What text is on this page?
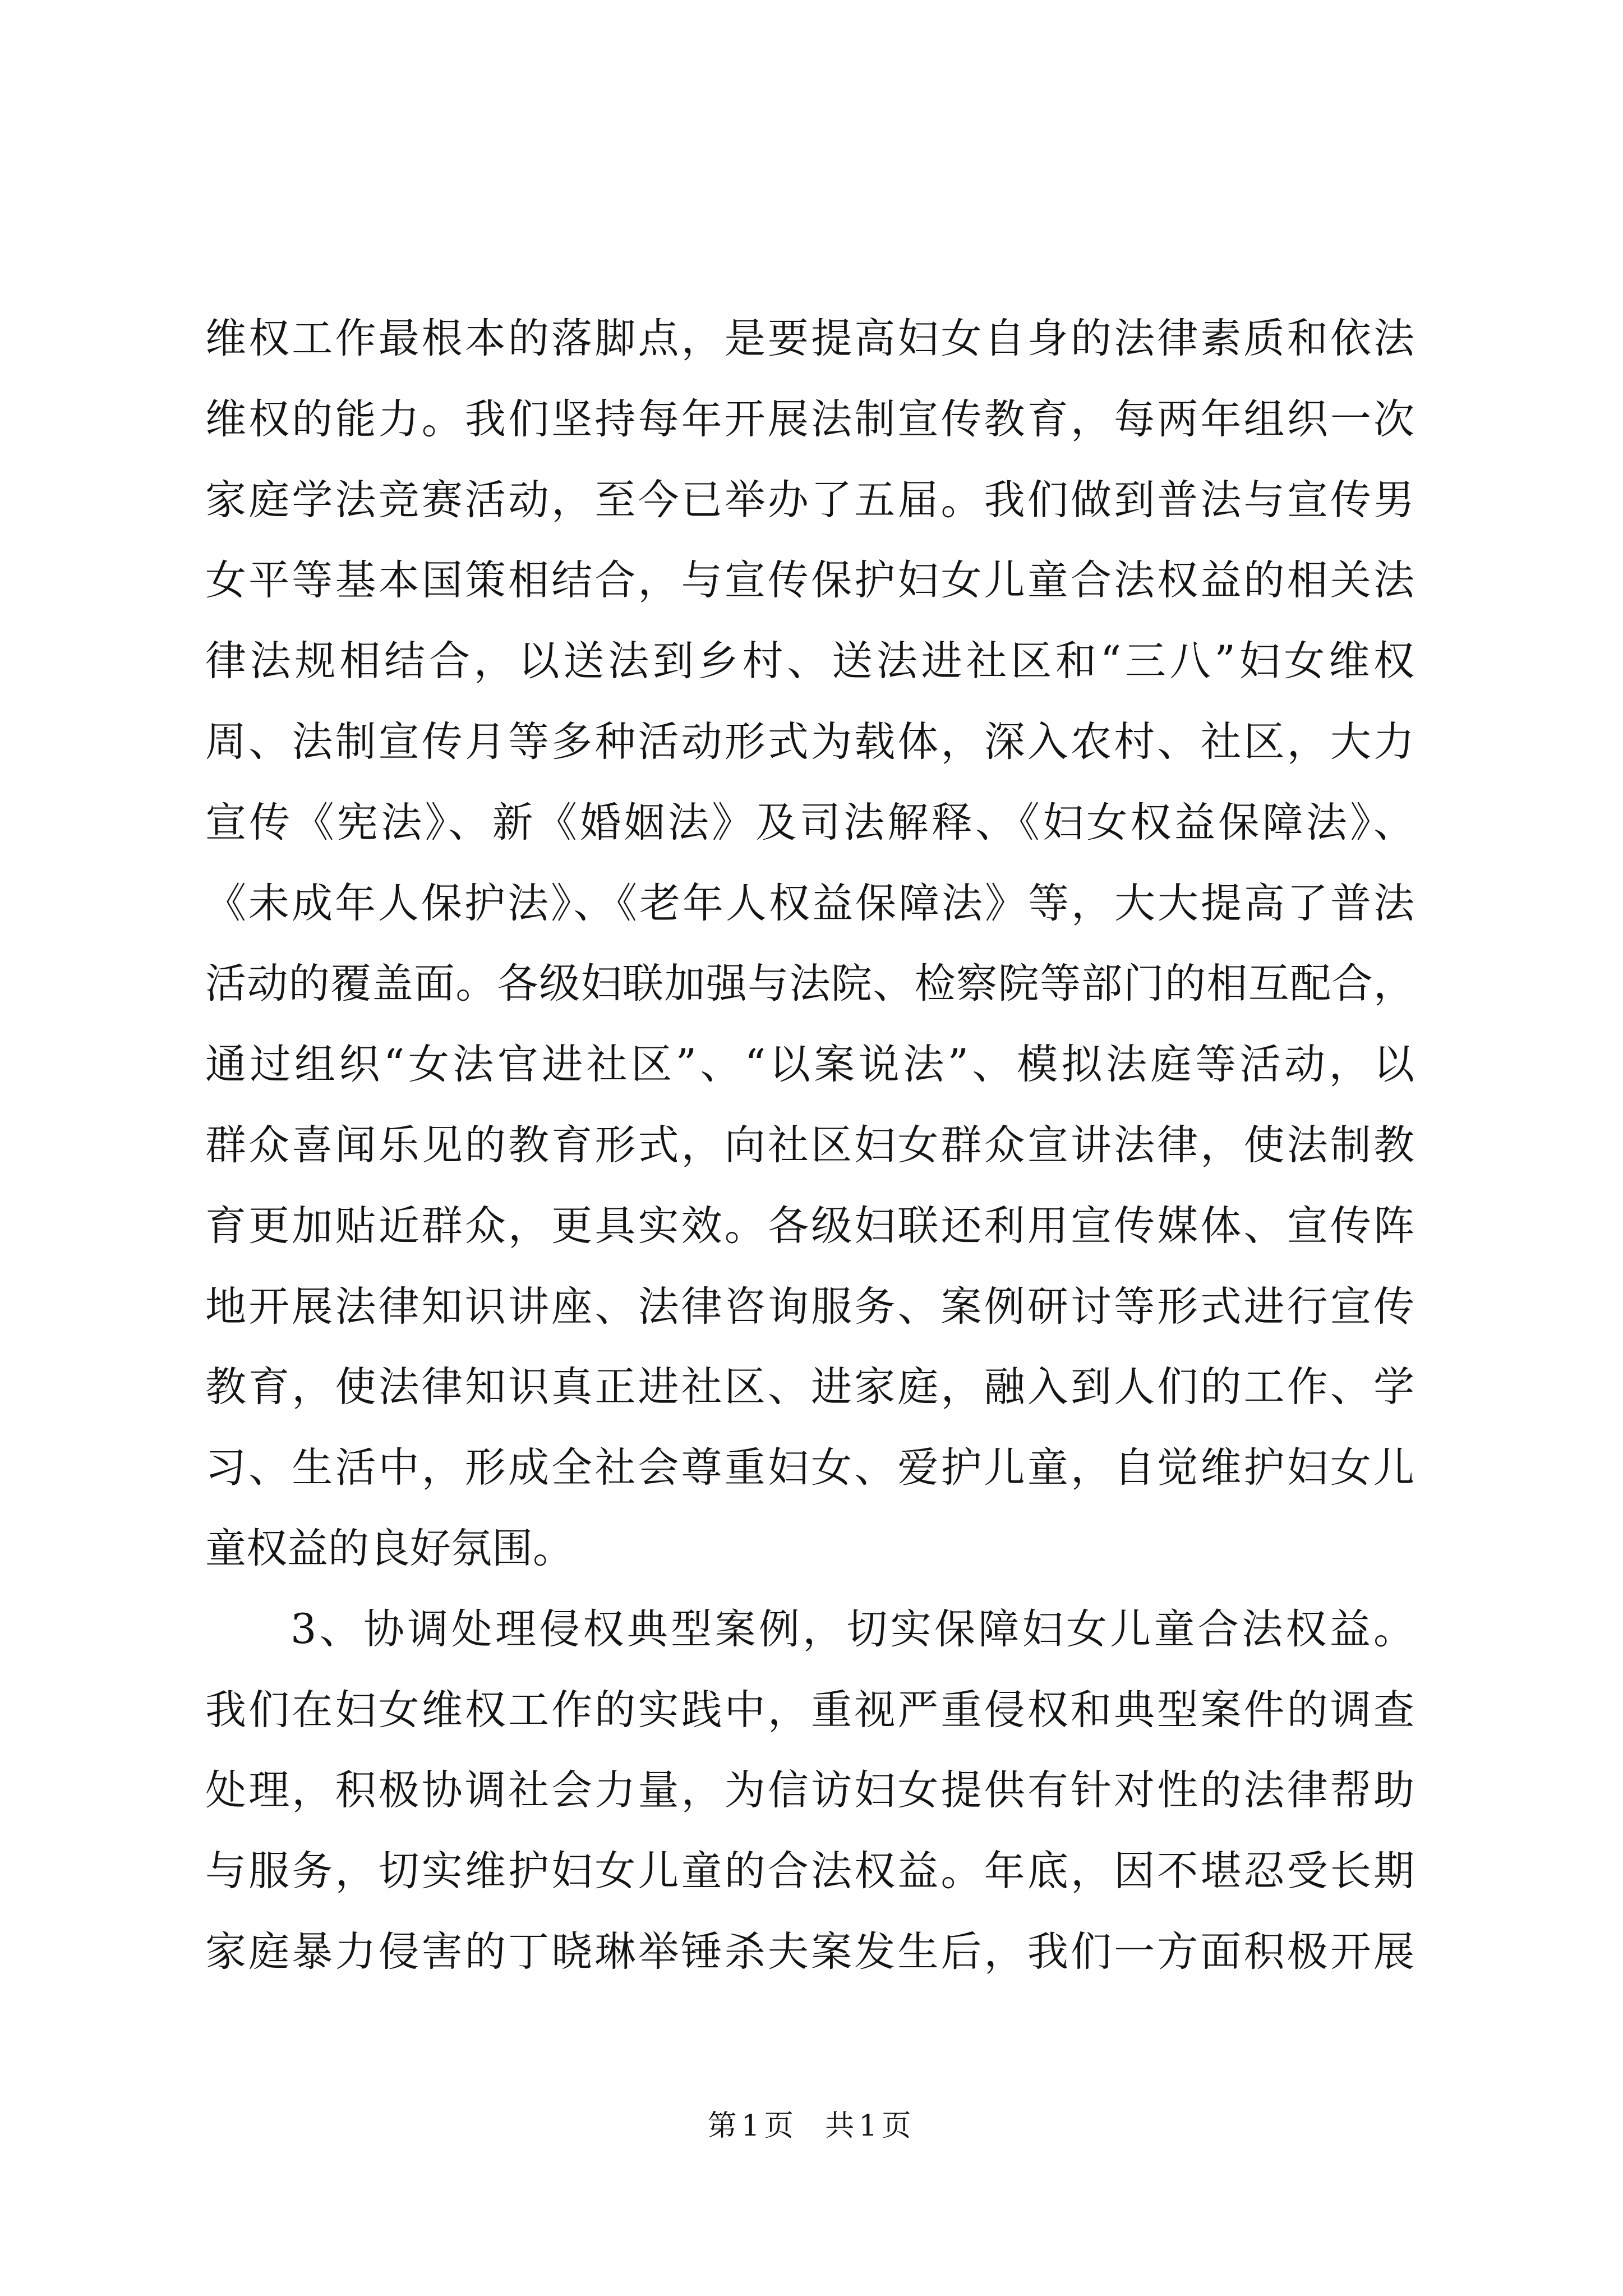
维权工作最根本的落脚点，是要提高妇女自身的法律素质和依法
维权的能力。我们坚持每年开展法制宣传教育，每两年组织一次
家庭学法竞赛活动，至今已举办了五届。我们做到普法与宣传男
女平等基本国策相结合，与宣传保护妇女儿童合法权益的相关法
律法规相结合，以送法到乡村、送法进社区和“三八”妇女维权
周、法制宣传月等多种活动形式为载体，深入农村、社区，大力
宣传《宪法》、新《婚姻法》及司法解释、《妇女权益保障法》、
《未成年人保护法》、《老年人权益保障法》等，大大提高了普法
活动的覆盖面。各级妇联加强与法院、检察院等部门的相互配合，
通过组织“女法官进社区”、“以案说法”、模拟法庭等活动，以
群众喜闻乐见的教育形式，向社区妇女群众宣讲法律，使法制教
育更加贴近群众，更具实效。各级妇联还利用宣传媒体、宣传阵
地开展法律知识讲座、法律咨询服务、案例研讨等形式进行宣传
教育，使法律知识真正进社区、进家庭，融入到人们的工作、学
习、生活中，形成全社会尊重妇女、爱护儿童，自觉维护妇女儿
童权益的良好氛围。
3、协调处理侵权典型案例，切实保障妇女儿童合法权益。
我们在妇女维权工作的实践中，重视严重侵权和典型案件的调查
处理，积极协调社会力量，为信访妇女提供有针对性的法律帮助
与服务，切实维护妇女儿童的合法权益。年底，因不堪忍受长期
家庭暴力侵害的丁晓琳举锤杀夫案发生后，我们一方面积极开展
第1页 共1页
